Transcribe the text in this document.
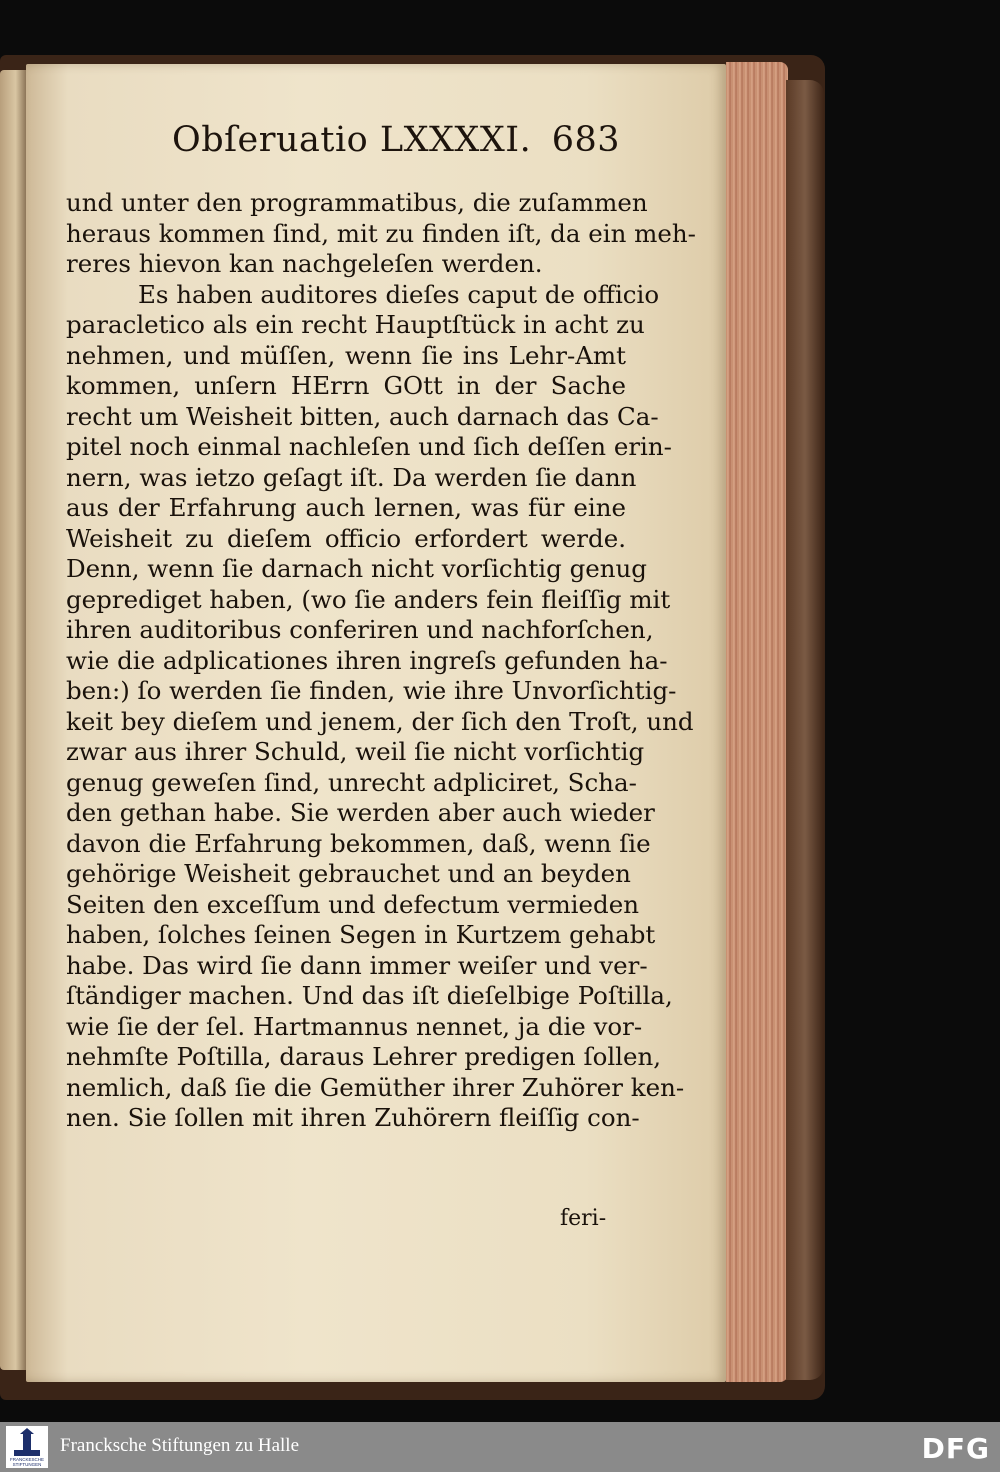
Obſeruatio LXXXXI. 683
und unter den programmatibus, die zuſammen
heraus kommen ſind, mit zu finden iſt, da ein meh-
reres hievon kan nachgeleſen werden.
Es haben auditores dieſes caput de officio
paracletico als ein recht Hauptſtück in acht zu
nehmen, und müſſen, wenn ſie ins Lehr-Amt
kommen, unſern HErrn GOtt in der Sache
recht um Weisheit bitten, auch darnach das Ca-
pitel noch einmal nachleſen und ſich deſſen erin-
nern, was ietzo geſagt iſt. Da werden ſie dann
aus der Erfahrung auch lernen, was für eine
Weisheit zu dieſem officio erfordert werde.
Denn, wenn ſie darnach nicht vorſichtig genug
geprediget haben, (wo ſie anders fein fleiſſig mit
ihren auditoribus conferiren und nachforſchen,
wie die adplicationes ihren ingreſs gefunden ha-
ben:) ſo werden ſie finden, wie ihre Unvorſichtig-
keit bey dieſem und jenem, der ſich den Troſt, und
zwar aus ihrer Schuld, weil ſie nicht vorſichtig
genug geweſen ſind, unrecht adpliciret, Scha-
den gethan habe. Sie werden aber auch wieder
davon die Erfahrung bekommen, daß, wenn ſie
gehörige Weisheit gebrauchet und an beyden
Seiten den exceſſum und defectum vermieden
haben, ſolches ſeinen Segen in Kurtzem gehabt
habe. Das wird ſie dann immer weiſer und ver-
ſtändiger machen. Und das iſt dieſelbige Poſtilla,
wie ſie der ſel. Hartmannus nennet, ja die vor-
nehmſte Poſtilla, daraus Lehrer predigen ſollen,
nemlich, daß ſie die Gemüther ihrer Zuhörer ken-
nen. Sie ſollen mit ihren Zuhörern fleiſſig con-
feri-
FRANCKESCHE STIFTUNGEN
Francksche Stiftungen zu Halle	DFG
